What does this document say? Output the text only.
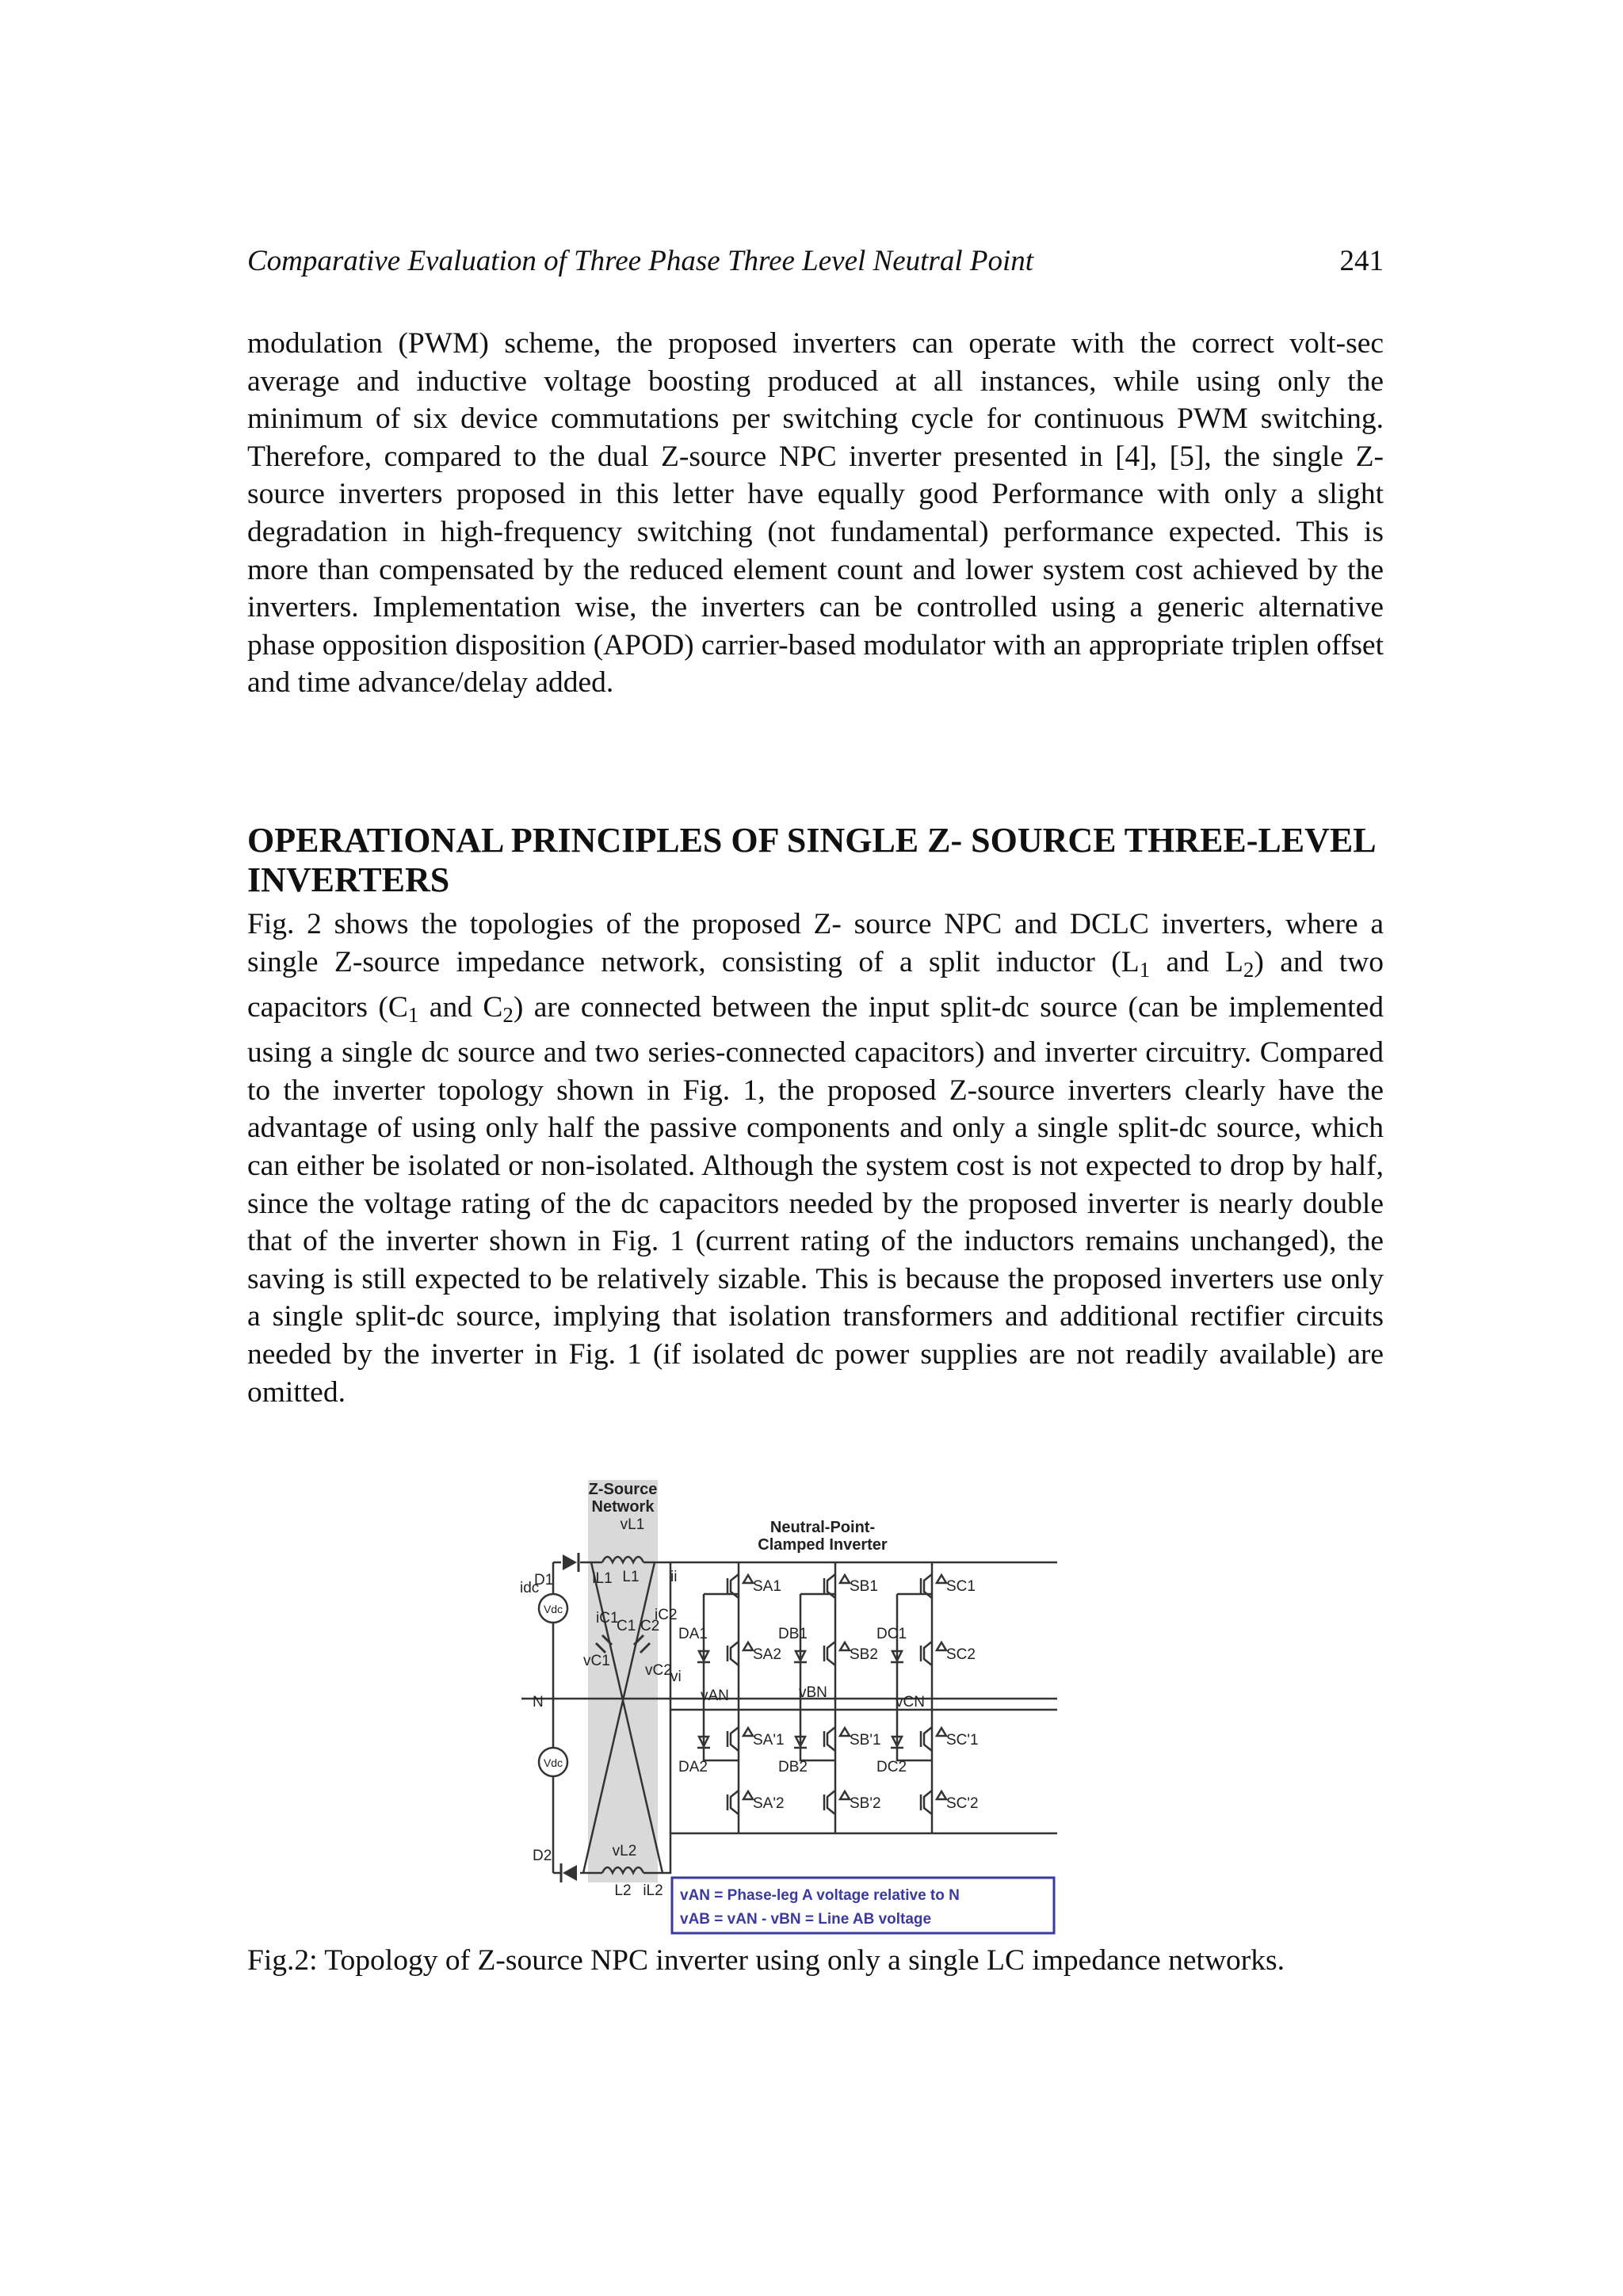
Comparative Evaluation of Three Phase Three Level Neutral Point	241

modulation (PWM) scheme, the proposed inverters can operate with the correct volt-sec average and inductive voltage boosting produced at all instances, while using only the minimum of six device commutations per switching cycle for continuous PWM switching. Therefore, compared to the dual Z-source NPC inverter presented in [4], [5], the single Z-source inverters proposed in this letter have equally good Performance with only a slight degradation in high-frequency switching (not fundamental) performance expected. This is more than compensated by the reduced element count and lower system cost achieved by the inverters. Implementation wise, the inverters can be controlled using a generic alternative phase opposition disposition (APOD) carrier-based modulator with an appropriate triplen offset and time advance/delay added.

OPERATIONAL PRINCIPLES OF SINGLE Z- SOURCE THREE-LEVEL INVERTERS

Fig. 2 shows the topologies of the proposed Z- source NPC and DCLC inverters, where a single Z-source impedance network, consisting of a split inductor ($L_1$ and $L_2$) and two capacitors ($C_1$ and $C_2$) are connected between the input split-dc source (can be implemented using a single dc source and two series-connected capacitors) and inverter circuitry. Compared to the inverter topology shown in Fig. 1, the proposed Z-source inverters clearly have the advantage of using only half the passive components and only a single split-dc source, which can either be isolated or non-isolated. Although the system cost is not expected to drop by half, since the voltage rating of the dc capacitors needed by the proposed inverter is nearly double that of the inverter shown in Fig. 1 (current rating of the inductors remains unchanged), the saving is still expected to be relatively sizable. This is because the proposed inverters use only a single split-dc source, implying that isolation transformers and additional rectifier circuits needed by the inverter in Fig. 1 (if isolated dc power supplies are not readily available) are omitted.

Z-Source
Network
Neutral-Point-
Clamped Inverter
Vdc
Vdc
vL1
L1
iL1	ii
idc
D1
iC1
C1 C2
iC2
vC1
vC2
vi
N
D2	vL2
L2 iL2
SA1	SB1	SC1
SA2	SB2	SC2
SA'1	SB'1	SC'1
SA'2	SB'2	SC'2
DA1	DB1	DC1
DA2	DB2	DC2
vAN	vBN
vCN
vAN = Phase-leg A voltage relative to N
vAB = vAN - vBN = Line AB voltage

Fig.2: Topology of Z-source NPC inverter using only a single LC impedance networks.
